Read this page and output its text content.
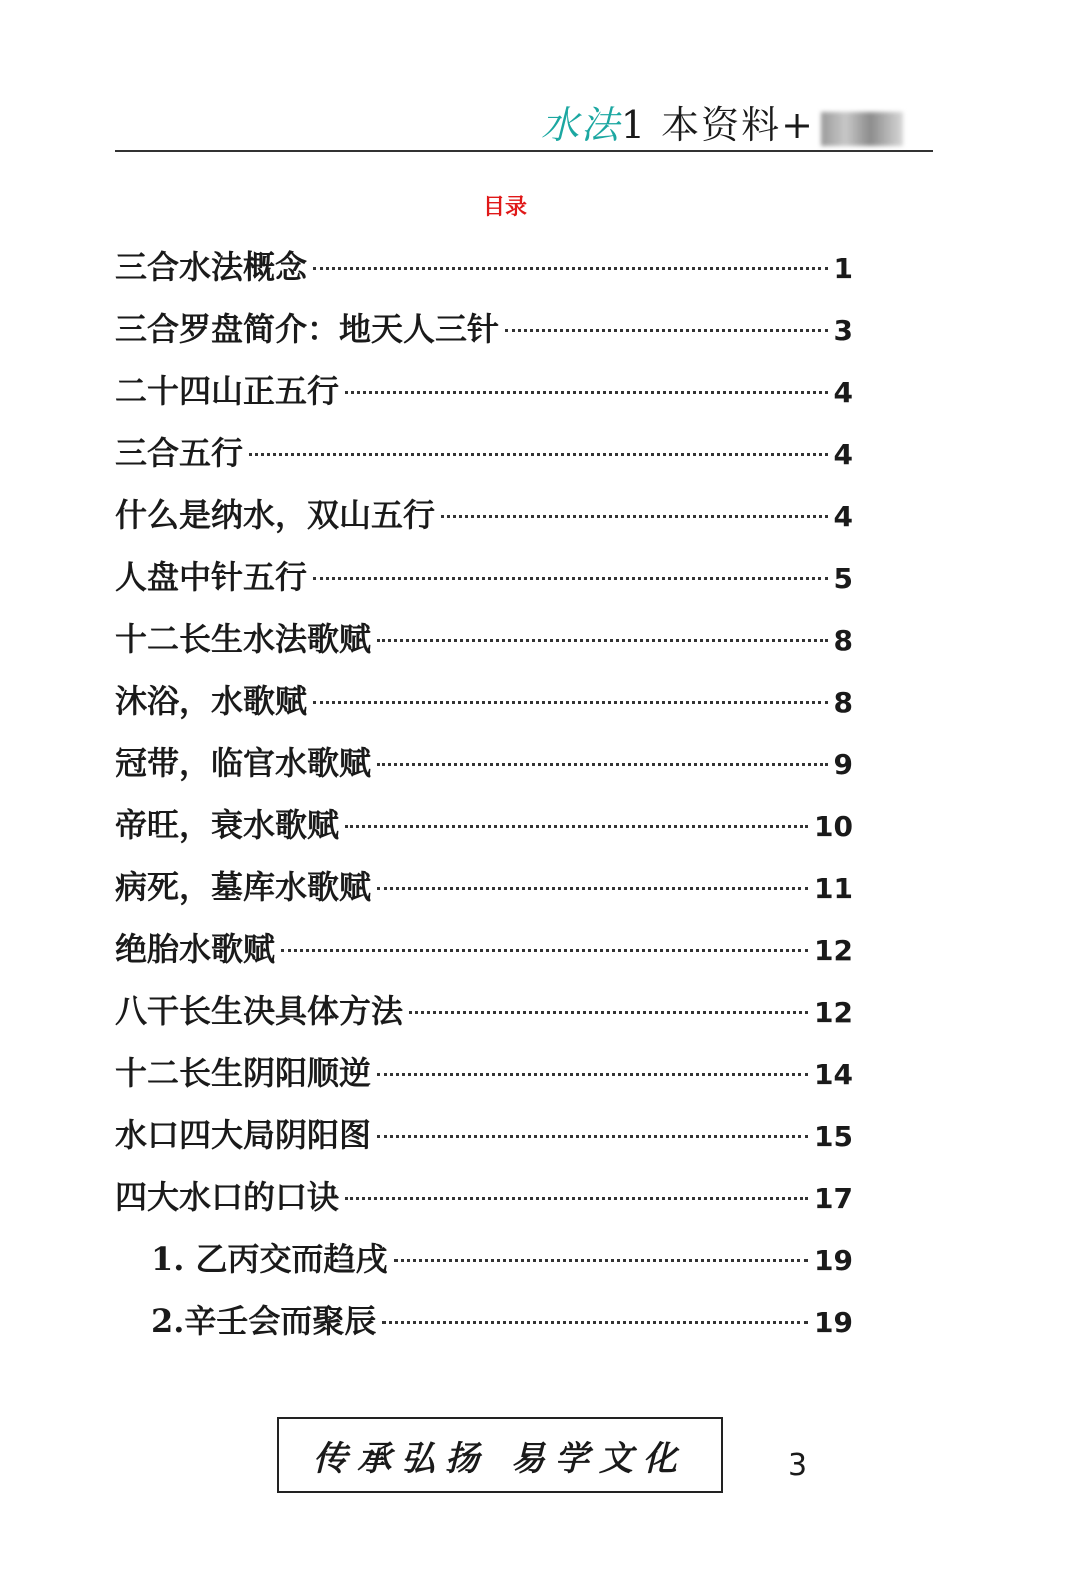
水法1 本资料+
目录
三合水法概念	1
三合罗盘简介：地天人三针	3
二十四山正五行	4
三合五行	4
什么是纳水，双山五行	4
人盘中针五行	5
十二长生水法歌赋	8
沐浴，水歌赋	8
冠带，临官水歌赋	9
帝旺，衰水歌赋	10
病死，墓库水歌赋	11
绝胎水歌赋	12
八干长生决具体方法	12
十二长生阴阳顺逆	14
水口四大局阴阳图	15
四大水口的口诀	17
1. 乙丙交而趋戌	19
2.辛壬会而聚辰	19
传承弘扬 易学文化	3
